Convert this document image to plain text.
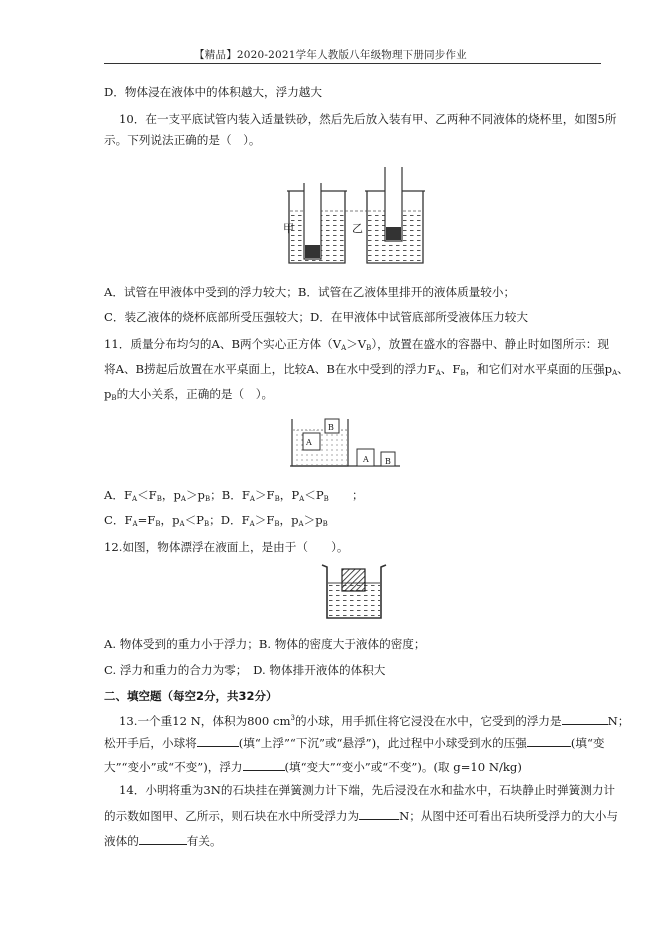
【精品】2020-2021学年人教版八年级物理下册同步作业
D．物体浸在液体中的体积越大，浮力越大
10．在一支平底试管内装入适量铁砂，然后先后放入装有甲、乙两种不同液体的烧杯里，如图5所
示。下列说法正确的是（　）。
甲	乙
A．试管在甲液体中受到的浮力较大；B．试管在乙液体里排开的液体质量较小；
C．装乙液体的烧杯底部所受压强较大；D．在甲液体中试管底部所受液体压力较大
11．质量分布均匀的A、B两个实心正方体$(V_A>V_B)$，放置在盛水的容器中、静止时如图所示：现
将A、B捞起后放置在水平桌面上，比较A、B在水中受到的浮力$F_A$、$F_B$，和它们对水平桌面的压强$p_A$、
$p_B$的大小关系，正确的是（　）。
A
B
A B
A．$F_A<F_B$，$p_A>p_B$；B．$F_A>F_B$，$P_A<P_B$　　；
C．$F_A=F_B$，$p_A<P_B$；D．$F_A>F_B$，$p_A>p_B$
12.如图，物体漂浮在液面上，是由于（　　）。
A. 物体受到的重力小于浮力；B. 物体的密度大于液体的密度；
C. 浮力和重力的合力为零；　D. 物体排开液体的体积大
二、填空题（每空2分，共32分）
13.一个重12 N，体积为800 $cm^3$的小球，用手抓住将它浸没在水中，它受到的浮力是	N；
松开手后，小球将	(填“上浮”“下沉”或“悬浮”)，此过程中小球受到水的压强	(填“变
大”“变小”或“不变”)，浮力	(填“变大”“变小”或“不变”)。(取 g=10 N/kg)
14．小明将重为3N的石块挂在弹簧测力计下端，先后浸没在水和盐水中，石块静止时弹簧测力计
的示数如图甲、乙所示，则石块在水中所受浮力为	N；从图中还可看出石块所受浮力的大小与
液体的	有关。
